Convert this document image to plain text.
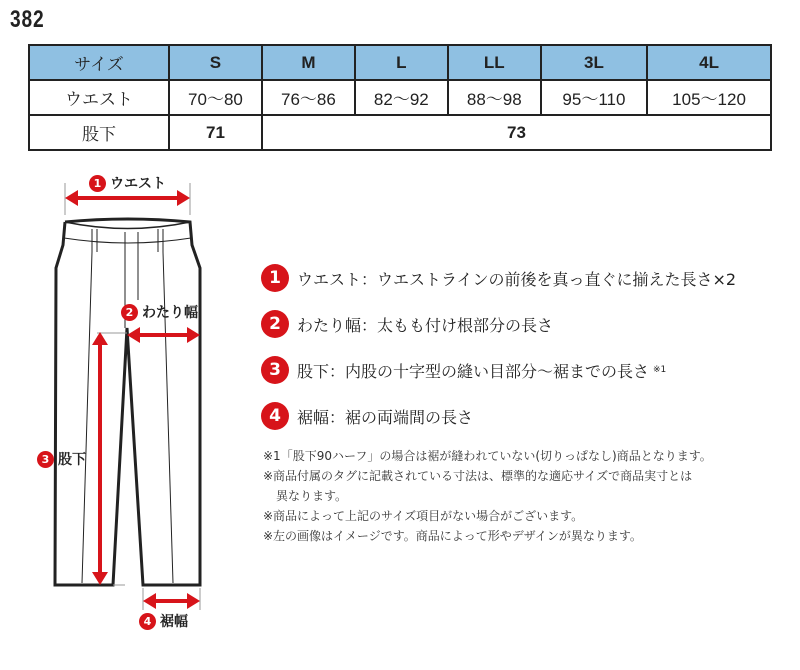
382
サイズ	S	M	L	LL	3L	4L
ウエスト	70〜80	76〜86	82〜92	88〜98	95〜110	105〜120
股下	71	73				
1 ウエスト
2 わたり幅
3 股下
4 裾幅
1	ウエスト：ウエストラインの前後を真っ直ぐに揃えた長さ×2
2	わたり幅：太もも付け根部分の長さ
3	股下：内股の十字型の縫い目部分〜裾までの長さ ※1
4	裾幅：裾の両端間の長さ
※1「股下90ハーフ」の場合は裾が縫われていない(切りっぱなし)商品となります。
※商品付属のタグに記載されている寸法は、標準的な適応サイズで商品実寸とは
異なります。
※商品によって上記のサイズ項目がない場合がございます。
※左の画像はイメージです。商品によって形やデザインが異なります。
